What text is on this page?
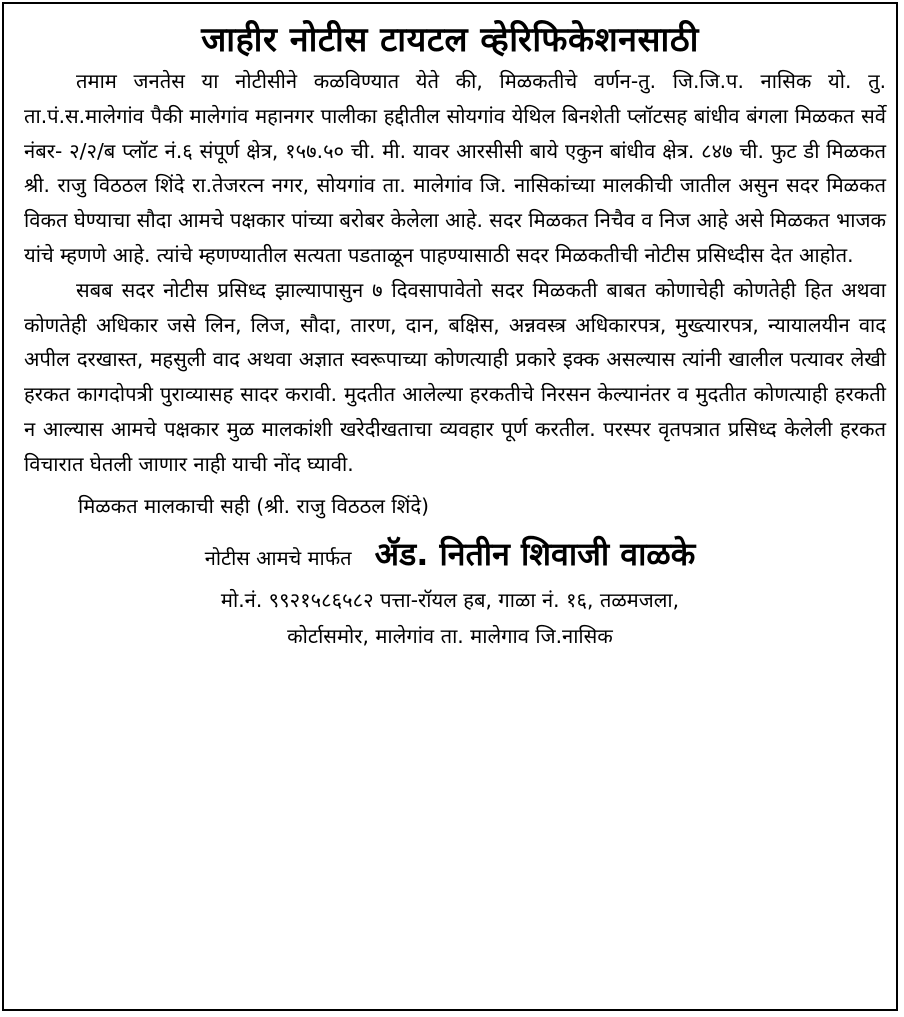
जाहीर नोटीस टायटल व्हेरिफिकेशनसाठी

तमाम जनतेस या नोटीसीने कळविण्यात येते की, मिळकतीचे वर्णन-तु. जि.जि.प. नासिक यो. तु. ता.पं.स.मालेगांव पैकी मालेगांव महानगर पालीका हद्दीतील सोयगांव येथिल बिनशेती प्लॉटसह बांधीव बंगला मिळकत सर्वे नंबर- २/२/ब प्लॉट नं.६ संपूर्ण क्षेत्र, १५७.५० ची. मी. यावर आरसीसी बाये एकुन बांधीव क्षेत्र. ८४७ ची. फुट डी मिळकत श्री. राजु विठठल शिंदे रा.तेजरत्न नगर, सोयगांव ता. मालेगांव जि. नासिकांच्या मालकीची जातील असुन सदर मिळकत विकत घेण्याचा सौदा आमचे पक्षकार पांच्या बरोबर केलेला आहे. सदर मिळकत निचैव व निज आहे असे मिळकत भाजक यांचे म्हणणे आहे. त्यांचे म्हणण्यातील सत्यता पडताळून पाहण्यासाठी सदर मिळकतीची नोटीस प्रसिध्दीस देत आहोत.

सबब सदर नोटीस प्रसिध्द झाल्यापासुन ७ दिवसापावेतो सदर मिळकती बाबत कोणाचेही कोणतेही हित अथवा कोणतेही अधिकार जसे लिन, लिज, सौदा, तारण, दान, बक्षिस, अन्नवस्त्र अधिकारपत्र, मुख्त्यारपत्र, न्यायालयीन वाद अपील दरखास्त, महसुली वाद अथवा अज्ञात स्वरूपाच्या कोणत्याही प्रकारे इक्क असल्यास त्यांनी खालील पत्यावर लेखी हरकत कागदोपत्री पुराव्यासह सादर करावी. मुदतीत आलेल्या हरकतीचे निरसन केल्यानंतर व मुदतीत कोणत्याही हरकती न आल्यास आमचे पक्षकार मुळ मालकांशी खरेदीखताचा व्यवहार पूर्ण करतील. परस्पर वृतपत्रात प्रसिध्द केलेली हरकत विचारात घेतली जाणार नाही याची नोंद घ्यावी.

मिळकत मालकाची सही (श्री. राजु विठठल शिंदे)
नोटीस आमचे मार्फत ॲड. नितीन शिवाजी वाळके
मो.नं. ९९२१५८६५८२ पत्ता-रॉयल हब, गाळा नं. १६, तळमजला,
कोर्टासमोर, मालेगांव ता. मालेगाव जि.नासिक
